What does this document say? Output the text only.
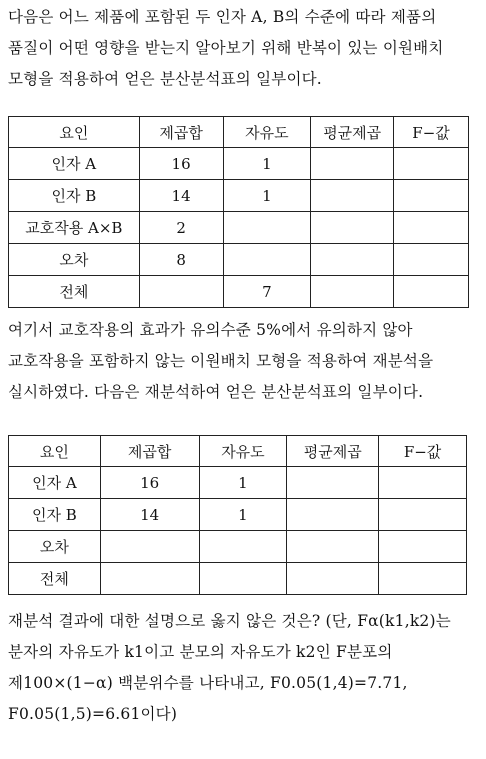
다음은 어느 제품에 포함된 두 인자 A, B의 수준에 따라 제품의
품질이 어떤 영향을 받는지 알아보기 위해 반복이 있는 이원배치
모형을 적용하여 얻은 분산분석표의 일부이다.
요인	제곱합	자유도	평균제곱	F−값
인자 A	16	1		
인자 B	14	1		
교호작용 A×B	2			
오차	8			
전체		7		
여기서 교호작용의 효과가 유의수준 5%에서 유의하지 않아
교호작용을 포함하지 않는 이원배치 모형을 적용하여 재분석을
실시하였다. 다음은 재분석하여 얻은 분산분석표의 일부이다.
요인	제곱합	자유도	평균제곱	F−값
인자 A	16	1		
인자 B	14	1		
오차				
전체				
재분석 결과에 대한 설명으로 옳지 않은 것은? (단, Fα(k1,k2)는
분자의 자유도가 k1이고 분모의 자유도가 k2인 F분포의
제100×(1−α) 백분위수를 나타내고, F0.05(1,4)=7.71,
F0.05(1,5)=6.61이다)
